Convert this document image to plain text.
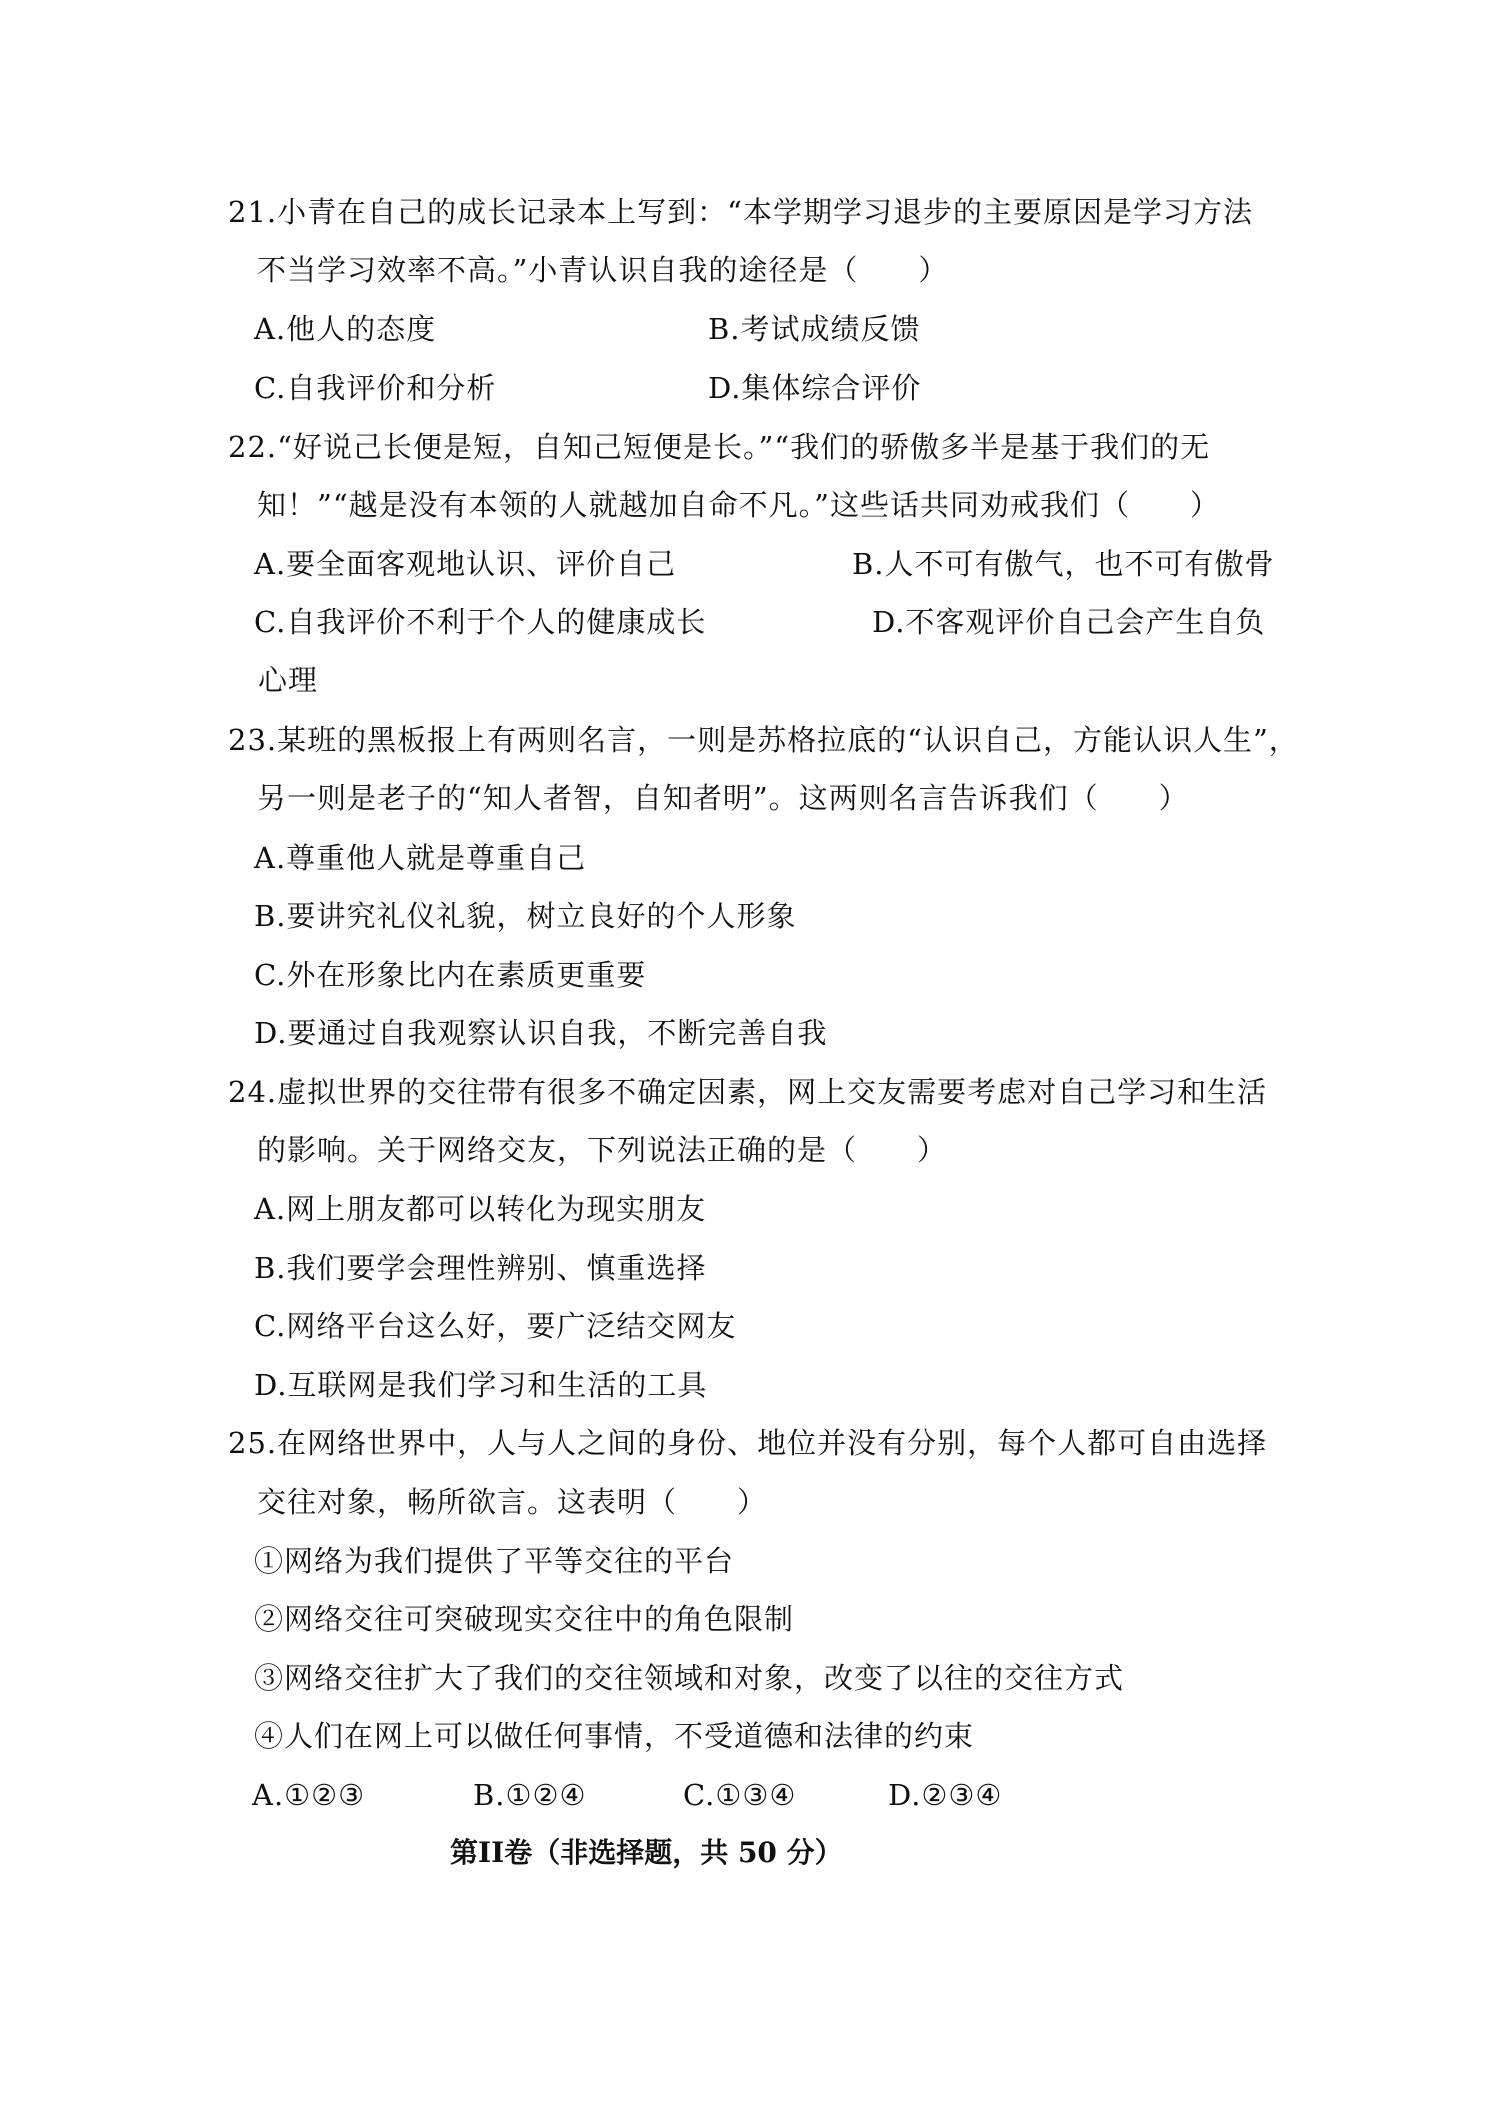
21.小青在自己的成长记录本上写到：“本学期学习退步的主要原因是学习方法
不当学习效率不高。”小青认识自我的途径是（　　）
A.他人的态度	B.考试成绩反馈
C.自我评价和分析	D.集体综合评价
22.“好说己长便是短，自知己短便是长。”“我们的骄傲多半是基于我们的无
知！”“越是没有本领的人就越加自命不凡。”这些话共同劝戒我们（　　）
A.要全面客观地认识、评价自己	B.人不可有傲气，也不可有傲骨
C.自我评价不利于个人的健康成长	D.不客观评价自己会产生自负
心理
23.某班的黑板报上有两则名言，一则是苏格拉底的“认识自己，方能认识人生”，
另一则是老子的“知人者智，自知者明”。这两则名言告诉我们（　　）
A.尊重他人就是尊重自己
B.要讲究礼仪礼貌，树立良好的个人形象
C.外在形象比内在素质更重要
D.要通过自我观察认识自我，不断完善自我
24.虚拟世界的交往带有很多不确定因素，网上交友需要考虑对自己学习和生活
的影响。关于网络交友，下列说法正确的是（　　）
A.网上朋友都可以转化为现实朋友
B.我们要学会理性辨别、慎重选择
C.网络平台这么好，要广泛结交网友
D.互联网是我们学习和生活的工具
25.在网络世界中，人与人之间的身份、地位并没有分别，每个人都可自由选择
交往对象，畅所欲言。这表明（　　）
①网络为我们提供了平等交往的平台
②网络交往可突破现实交往中的角色限制
③网络交往扩大了我们的交往领域和对象，改变了以往的交往方式
④人们在网上可以做任何事情，不受道德和法律的约束
A.①②③	B.①②④	C.①③④	D.②③④
第II卷（非选择题，共 50 分）
